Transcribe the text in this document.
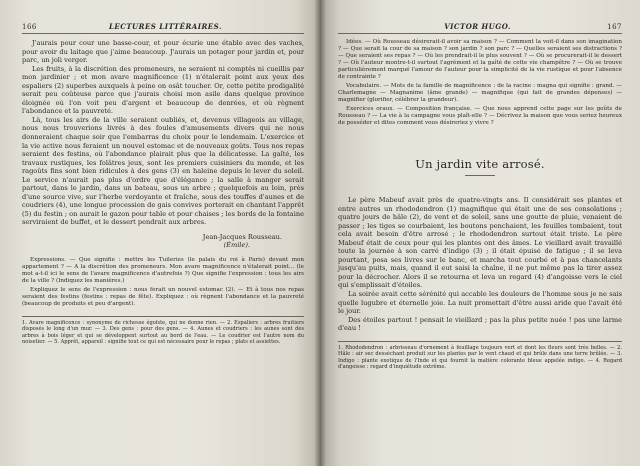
166	LECTURES LITTÉRAIRES.

J'aurais pour cour une basse-cour, et pour écurie une étable avec des vaches, pour avoir du laitage que j'aime beaucoup. J'aurais un potager pour jardin et, pour parc, un joli verger.

Les fruits, à la discrétion des promeneurs, ne seraient ni comptés ni cueillis par mon jardinier ; et mon avare magnificence (1) n'étalerait point aux yeux des espaliers (2) superbes auxquels à peine on osât toucher. Or, cette petite prodigalité serait peu coûteuse parce que j'aurais choisi mon asile dans quelque province éloignée où l'on voit peu d'argent et beaucoup de denrées, et où règnent l'abondance et la pauvreté.

Là, tous les airs de la ville seraient oubliés, et, devenus villageois au village, nous nous trouverions livrés à des foules d'amusements divers qui ne nous donneraient chaque soir que l'embarras du choix pour le lendemain. L'exercice et la vie active nous feraient un nouvel estomac et de nouveaux goûts. Tous nos repas seraient des festins, où l'abondance plairait plus que la délicatesse. La gaîté, les travaux rustiques, les folâtres jeux, sont les premiers cuisiniers du monde, et les ragoûts fins sont bien ridicules à des gens (3) en haleine depuis le lever du soleil. Le service n'aurait pas plus d'ordre que d'élégance ; la salle à manger serait partout, dans le jardin, dans un bateau, sous un arbre ; quelquefois au loin, près d'une source vive, sur l'herbe verdoyante et fraîche, sous des touffes d'aunes et de coudriers (4), une longue procession de gais convives porterait en chantant l'apprêt (5) du festin ; on aurait le gazon pour table et pour chaises ; les bords de la fontaine serviraient de buffet, et le dessert pendrait aux arbres.

Jean-Jacques Rousseau.
(Émile).

Expressions. — Que signifie : mettre les Tuileries (le palais du roi à Paris) devant mon appartement ? — A la discrétion des promeneurs. Mon avare magnificence n'étalerait point... (le mot a-t-il ici le sens de l'avare magnificence d'autrefois ?) Que signifie l'expression : tous les airs de la ville ? (Indiquez les manières.)

Expliquez le sens de l'expression : nous ferait un nouvel estomac (2). — Et à tous nos repas seraient des festins (festins : repas de fête). Expliquez : où règnent l'abondance et la pauvreté (beaucoup de produits et peu d'argent).

1. Avare magnificence : synonyme de richesse égoïste, qui ne donne rien. — 2. Espaliers : arbres fruitiers disposés le long d'un mur. — 3. Des gens : pour des gens. — 4. Aunes et coudriers : les aunes sont des arbres à bois léger et qui se développent surtout au bord de l'eau. — Le coudrier est l'autre nom du noisetier. — 5. Apprêt, appareil : signifie tout ce qui est nécessaire pour le repas ; plats et assiettes.

VICTOR HUGO.	167

Idées. — Où Rousseau désirerait-il avoir sa maison ? — Comment la voit-il dans son imagination ? — Que serait la cour de sa maison ? son jardin ? son parc ? — Quelles seraient ses distractions ? — Que seraient ses repas ? — Où les prendrait-il le plus souvent ? — Où se procurerait-il le dessert ? — Où l'auteur montre-t-il surtout l'agrément et la gaîté de cette vie champêtre ? — Où se trouve particulièrement marqué l'amour de l'auteur pour la simplicité de la vie rustique et pour l'absence de contrainte ?

Vocabulaire. — Mots de la famille de magnificence : de la racine : magna qui signifie : grand. — Charlemagne — Magnanime (âme grande) — magnifique (qui fait de grandes dépenses) — magnifier (glorifier, célébrer la grandeur).

Exercices oraux. — Composition française. — Que nous apprend cette page sur les goûts de Rousseau ? — La vie à la campagne vous plaît-elle ? — Décrivez la maison que vous seriez heureux de posséder et dites comment vous désireriez y vivre ?

Un jardin vite arrosé.

Le père Mabeuf avait près de quatre-vingts ans. Il considérait ses plantes et entre autres un rhododendron (1) magnifique qui était une de ses consolations ; quatre jours de hâle (2), de vent et de soleil, sans une goutte de pluie, venaient de passer ; les tiges se courbaient, les boutons penchaient, les feuilles tombaient, tout cela avait besoin d'être arrosé ; le rhododendron surtout était triste. Le père Mabeuf était de ceux pour qui les plantes ont des âmes. Le vieillard avait travaillé toute la journée à son carré d'indigo (3) ; il était épuisé de fatigue ; il se leva pourtant, posa ses livres sur le banc, et marcha tout courbé et à pas chancelants jusqu'au puits, mais, quand il eut saisi la chaîne, il ne put même pas la tirer assez pour la décrocher. Alors il se retourna et leva un regard (4) d'angoisse vers le ciel qui s'emplissait d'étoiles.

La soirée avait cette sérénité qui accable les douleurs de l'homme sous je ne sais quelle lugubre et éternelle joie. La nuit promettait d'être aussi aride que l'avait été le jour.

Des étoiles partout ! pensait le vieillard ; pas la plus petite nuée ! pas une larme d'eau !

1. Rhododendron : arbrisseau d'ornement à feuillage toujours vert et dont les fleurs sont très belles. — 2. Hâle : air sec desséchant produit sur les plantes par le vent chaud et qui brûle dans une terre brûlée. — 3. Indigo : plante exotique de l'Inde et qui fournit la matière colorante bleue appelée indigo. — 4. Regard d'angoisse : regard d'inquiétude extrême.
